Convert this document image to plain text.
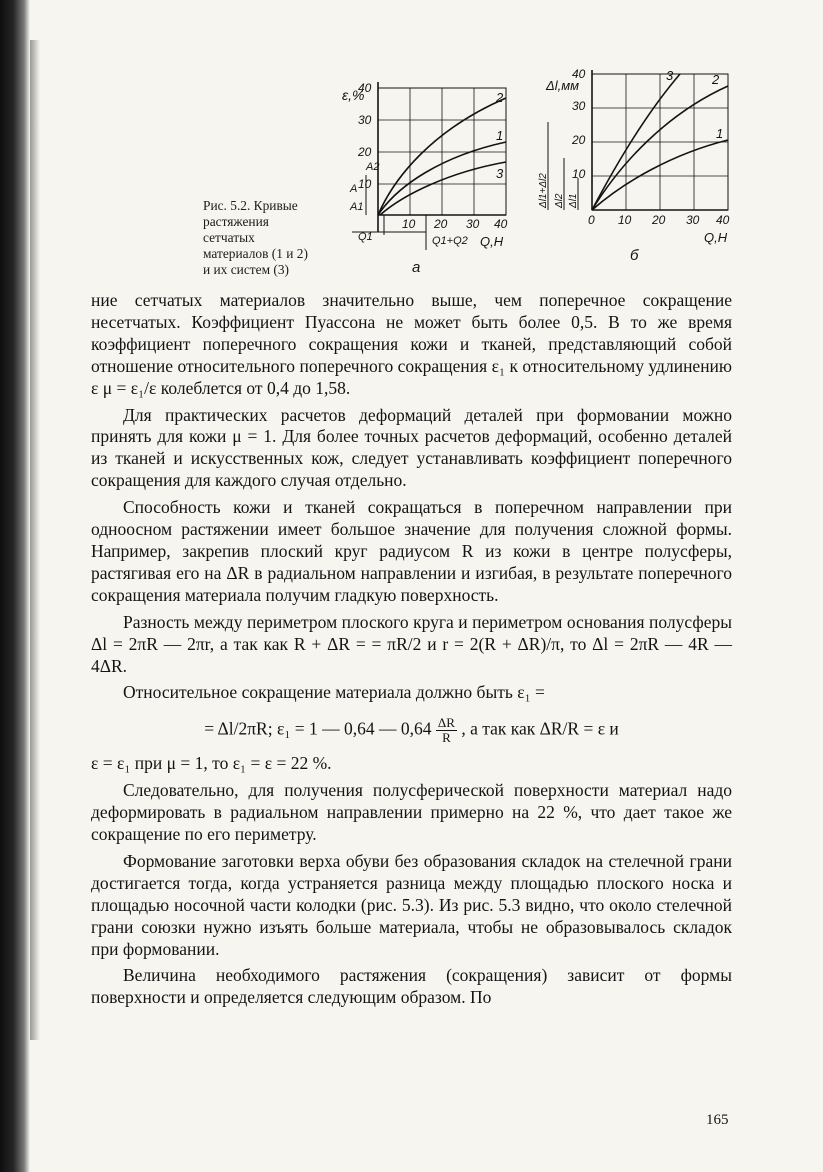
Рис. 5.2. Кривые растяжения сетчатых материалов (1 и 2) и их систем (3)
ε,%
40
30
20
10
10 20 30 40
Q,Н
1
2
3
A
A1
A2
Q1	Q1+Q2
а
Δl,мм
40
30
20
10
0 10 20 30 40
Q,Н
1
2
3
Δl1+Δl2 Δl2 Δl1
б

ние сетчатых материалов значительно выше, чем поперечное сокращение несетчатых. Коэффициент Пуассона не может быть более 0,5. В то же время коэффициент поперечного сокращения кожи и тканей, представляющий собой отношение относительного поперечного сокращения ε₁ к относительному удлинению ε μ = ε₁/ε колеблется от 0,4 до 1,58.

Для практических расчетов деформаций деталей при формовании можно принять для кожи μ = 1. Для более точных расчетов деформаций, особенно деталей из тканей и искусственных кож, следует устанавливать коэффициент поперечного сокращения для каждого случая отдельно.

Способность кожи и тканей сокращаться в поперечном направлении при одноосном растяжении имеет большое значение для получения сложной формы. Например, закрепив плоский круг радиусом R из кожи в центре полусферы, растягивая его на ΔR в радиальном направлении и изгибая, в результате поперечного сокращения материала получим гладкую поверхность.

Разность между периметром плоского круга и периметром основания полусферы Δl = 2πR — 2πr, а так как R + ΔR = = πR/2 и r = 2(R + ΔR)/π, то Δl = 2πR — 4R — 4ΔR.

Относительное сокращение материала должно быть ε₁ =

= Δl/2πR; ε₁ = 1 — 0,64 — $0,64 \frac{\Delta R}{R}$ , а так как ΔR/R = ε и

ε = ε₁ при μ = 1, то ε₁ = ε = 22 %.

Следовательно, для получения полусферической поверхности материал надо деформировать в радиальном направлении примерно на 22 %, что дает такое же сокращение по его периметру.

Формование заготовки верха обуви без образования складок на стелечной грани достигается тогда, когда устраняется разница между площадью плоского носка и площадью носочной части колодки (рис. 5.3). Из рис. 5.3 видно, что около стелечной грани союзки нужно изъять больше материала, чтобы не образовывалось складок при формовании.

Величина необходимого растяжения (сокращения) зависит от формы поверхности и определяется следующим образом. По

165
